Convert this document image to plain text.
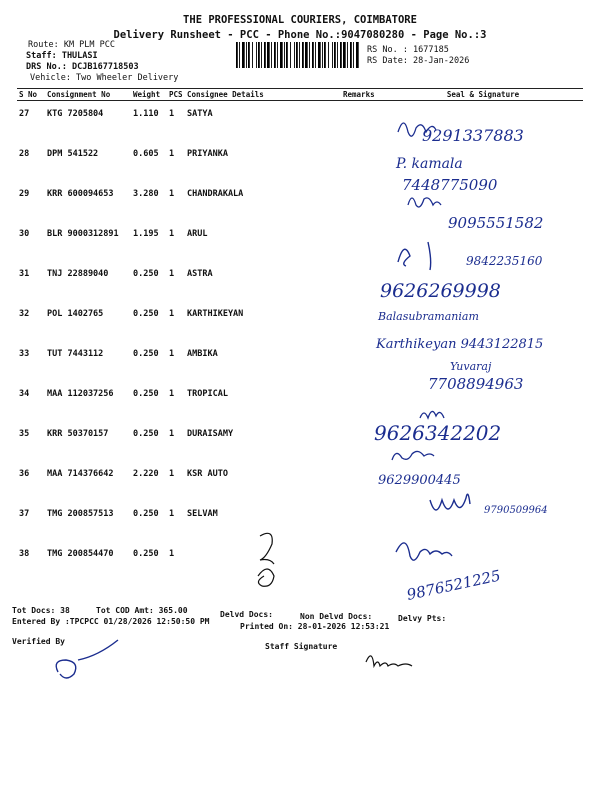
THE PROFESSIONAL COURIERS, COIMBATORE
Delivery Runsheet - PCC - Phone No.:9047080280 - Page No.:3
Route: KM PLM PCC
Staff: THULASI
DRS No.: DCJB167718503
Vehicle: Two Wheeler Delivery
RS No. : 1677185
RS Date: 28-Jan-2026
S No	Consignment No	Weight	PCS	Consignee Details	Remarks	Seal & Signature
27	KTG 7205804	1.110	1	SATYA		
28	DPM 541522	0.605	1	PRIYANKA		
29	KRR 600094653	3.280	1	CHANDRAKALA		
30	BLR 9000312891	1.195	1	ARUL		
31	TNJ 22889040	0.250	1	ASTRA		
32	POL 1402765	0.250	1	KARTHIKEYAN		
33	TUT 7443112	0.250	1	AMBIKA		
34	MAA 112037256	0.250	1	TROPICAL		
35	KRR 50370157	0.250	1	DURAISAMY		
36	MAA 714376642	2.220	1	KSR AUTO		
37	TMG 200857513	0.250	1	SELVAM		
38	TMG 200854470	0.250	1			
9291337883
P. kamala
7448775090
9095551582
9842235160
9626269998
Balasubramaniam
Karthikeyan 9443122815
Yuvaraj
7708894963
9626342202
9629900445
9790509964
9876521225
Tot Docs: 38	Tot COD Amt: 365.00	Delvd Docs:	Non Delvd Docs:	Delvy Pts:
Entered By :TPCPCC 01/28/2026 12:50:50 PM
Printed On: 28-01-2026 12:53:21
Verified By
Staff Signature
